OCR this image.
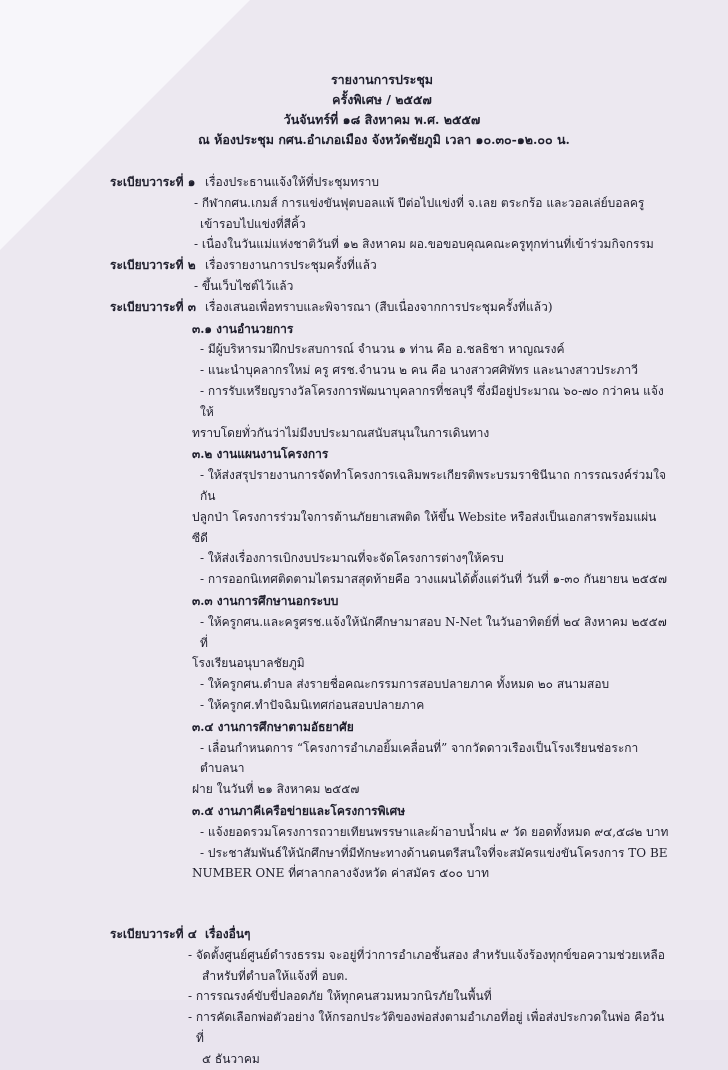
รายงานการประชุม
ครั้งพิเศษ / ๒๕๕๗
วันจันทร์ที่ ๑๘ สิงหาคม พ.ศ. ๒๕๕๗
ณ ห้องประชุม กศน.อำเภอเมือง จังหวัดชัยภูมิ เวลา ๑๐.๓๐-๑๒.๐๐ น.
ระเบียบวาระที่ ๑ เรื่องประธานแจ้งให้ที่ประชุมทราบ
- กีฬากศน.เกมส์ การแข่งขันฟุตบอลแพ้ ปีต่อไปแข่งที่ จ.เลย ตระกร้อ และวอลเล่ย์บอลครู
เข้ารอบไปแข่งที่สีคิ้ว
- เนื่องในวันแม่แห่งชาติวันที่ ๑๒ สิงหาคม ผอ.ขอขอบคุณคณะครูทุกท่านที่เข้าร่วมกิจกรรม
ระเบียบวาระที่ ๒ เรื่องรายงานการประชุมครั้งที่แล้ว
- ขึ้นเว็บไซต์ไว้แล้ว
ระเบียบวาระที่ ๓ เรื่องเสนอเพื่อทราบและพิจารณา (สืบเนื่องจากการประชุมครั้งที่แล้ว)
๓.๑ งานอำนวยการ
- มีผู้บริหารมาฝึกประสบการณ์ จำนวน ๑ ท่าน คือ อ.ชลธิชา หาญณรงค์
- แนะนำบุคลากรใหม่ ครู ศรช.จำนวน ๒ คน คือ นางสาวศศิพัทร และนางสาวประภาวี
- การรับเหรียญรางวัลโครงการพัฒนาบุคลากรที่ชลบุรี ซึ่งมีอยู่ประมาณ ๖๐-๗๐ กว่าคน แจ้งให้
ทราบโดยทั่วกันว่าไม่มีงบประมาณสนับสนุนในการเดินทาง
๓.๒ งานแผนงานโครงการ
- ให้ส่งสรุปรายงานการจัดทำโครงการเฉลิมพระเกียรติพระบรมราชินีนาถ การรณรงค์ร่วมใจกัน
ปลูกป่า โครงการร่วมใจการต้านภัยยาเสพติด ให้ขึ้น Website หรือส่งเป็นเอกสารพร้อมแผ่นซีดี
- ให้ส่งเรื่องการเบิกงบประมาณที่จะจัดโครงการต่างๆให้ครบ
- การออกนิเทศติดตามไตรมาสสุดท้ายคือ วางแผนได้ตั้งแต่วันที่ วันที่ ๑-๓๐ กันยายน ๒๕๕๗
๓.๓ งานการศึกษานอกระบบ
- ให้ครูกศน.และครูศรช.แจ้งให้นักศึกษามาสอบ N-Net ในวันอาทิตย์ที่ ๒๔ สิงหาคม ๒๕๕๗ ที่
โรงเรียนอนุบาลชัยภูมิ
- ให้ครูกศน.ตำบล ส่งรายชื่อคณะกรรมการสอบปลายภาค ทั้งหมด ๒๐ สนามสอบ
- ให้ครูกศ.ทำปัจฉิมนิเทศก่อนสอบปลายภาค
๓.๔ งานการศึกษาตามอัธยาศัย
- เลื่อนกำหนดการ “โครงการอำเภอยิ้มเคลื่อนที่” จากวัดดาวเรืองเป็นโรงเรียนช่อระกา ตำบลนา
ฝาย ในวันที่ ๒๑ สิงหาคม ๒๕๕๗
๓.๕ งานภาคีเครือข่ายและโครงการพิเศษ
- แจ้งยอดรวมโครงการถวายเทียนพรรษาและผ้าอาบน้ำฝน ๙ วัด ยอดทั้งหมด ๙๔,๕๘๒ บาท
- ประชาสัมพันธ์ให้นักศึกษาที่มีทักษะทางด้านดนตรีสนใจที่จะสมัครแข่งขันโครงการ TO BE
NUMBER ONE ที่ศาลากลางจังหวัด ค่าสมัคร ๕๐๐ บาท
ระเบียบวาระที่ ๔ เรื่องอื่นๆ
- จัดตั้งศูนย์ศูนย์ดำรงธรรม จะอยู่ที่ว่าการอำเภอชั้นสอง สำหรับแจ้งร้องทุกข์ขอความช่วยเหลือ
สำหรับที่ตำบลให้แจ้งที่ อบต.
- การรณรงค์ขับขี่ปลอดภัย ให้ทุกคนสวมหมวกนิรภัยในพื้นที่
- การคัดเลือกพ่อตัวอย่าง ให้กรอกประวัติของพ่อส่งตามอำเภอที่อยู่ เพื่อส่งประกวดในพ่อ คือวันที่
๕ ธันวาคม
